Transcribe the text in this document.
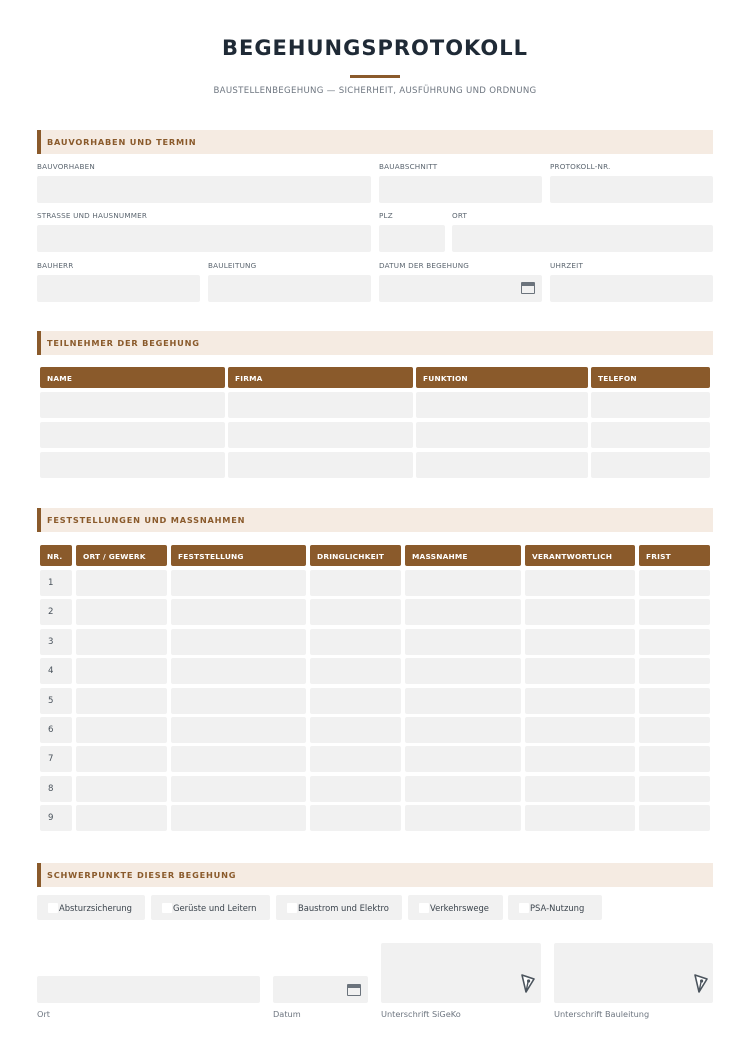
BEGEHUNGSPROTOKOLL
BAUSTELLENBEGEHUNG — SICHERHEIT, AUSFÜHRUNG UND ORDNUNG
BAUVORHABEN UND TERMIN
BAUVORHABEN	BAUABSCHNITT	PROTOKOLL-NR.
STRASSE UND HAUSNUMMER	PLZ	ORT
BAUHERR	BAULEITUNG	DATUM DER BEGEHUNG	UHRZEIT
TEILNEHMER DER BEGEHUNG
NAME	FIRMA	FUNKTION	TELEFON
FESTSTELLUNGEN UND MASSNAHMEN
NR.	ORT / GEWERK	FESTSTELLUNG	DRINGLICHKEIT	MASSNAHME	VERANTWORTLICH	FRIST
1
2
3
4
5
6
7
8
9
SCHWERPUNKTE DIESER BEGEHUNG
Absturzsicherung	Gerüste und Leitern	Baustrom und Elektro	Verkehrswege	PSA-Nutzung
Ort	Datum	Unterschrift SiGeKo	Unterschrift Bauleitung
